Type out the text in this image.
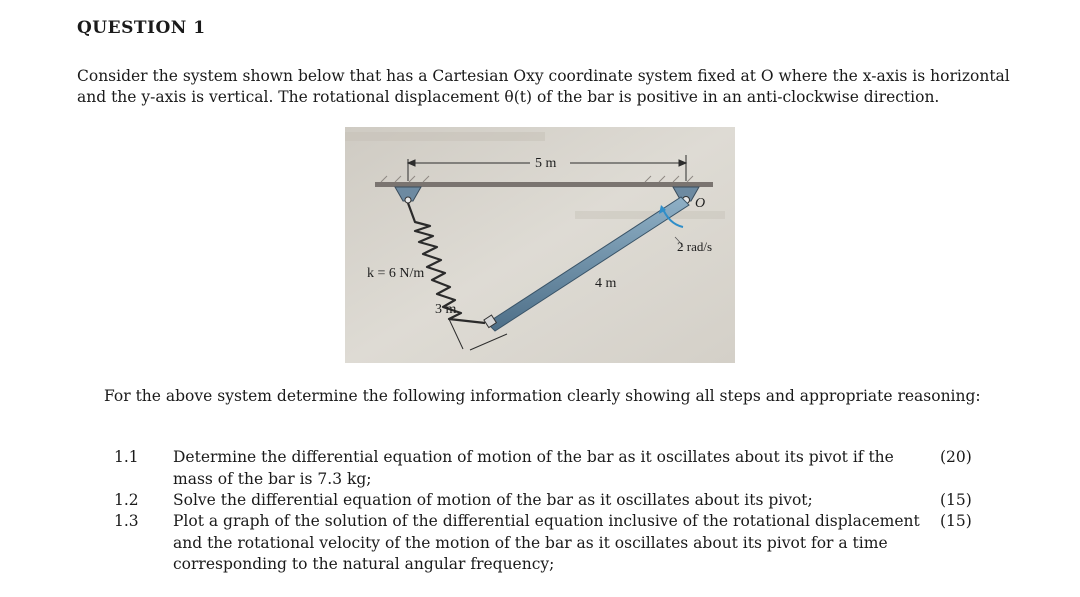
QUESTION 1
Consider the system shown below that has a Cartesian Oxy coordinate system fixed at O where the x-axis is horizontal
and the y-axis is vertical. The rotational displacement θ(t) of the bar is positive in an anti-clockwise direction.
5 m
O
k = 6 N/m
4 m
3 m
2 rad/s
For the above system determine the following information clearly showing all steps and appropriate reasoning:
1.1 Determine the differential equation of motion of the bar as it oscillates about its pivot if the
mass of the bar is 7.3 kg;
(20)
1.2 Solve the differential equation of motion of the bar as it oscillates about its pivot;	(15)
1.3 Plot a graph of the solution of the differential equation inclusive of the rotational displacement
and the rotational velocity of the motion of the bar as it oscillates about its pivot for a time
corresponding to the natural angular frequency;
(15)
